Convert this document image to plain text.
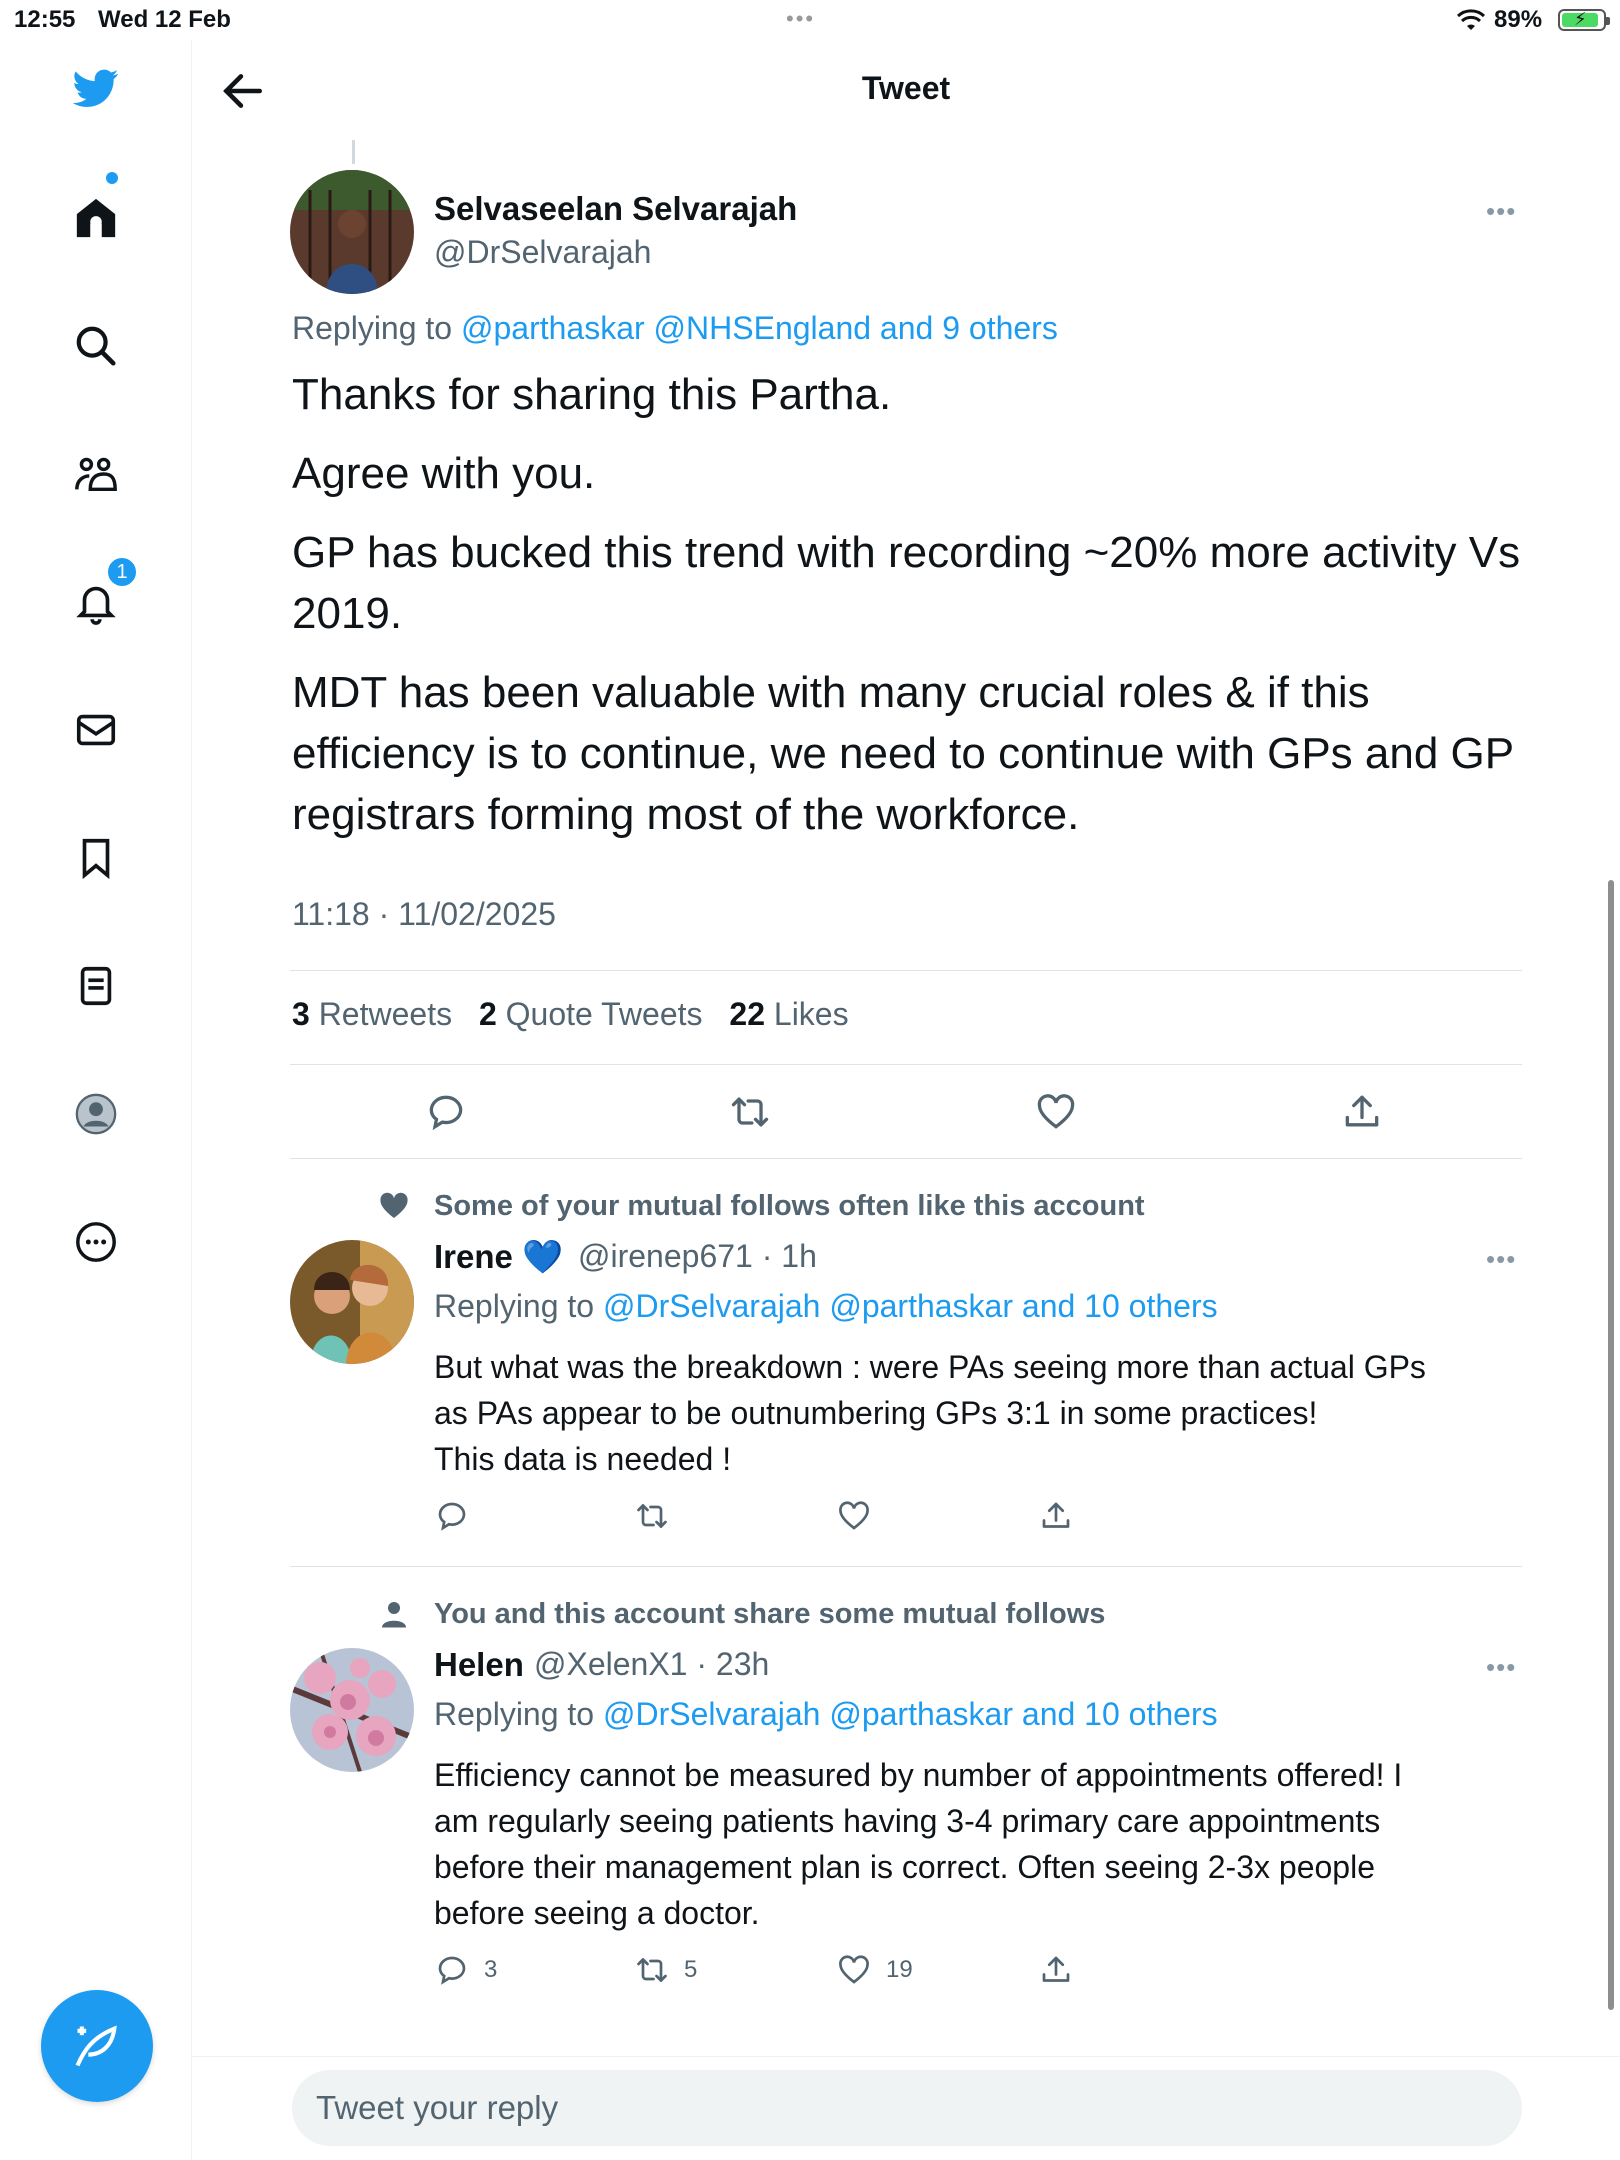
12:55 Wed 12 Feb	•••	89% ⚡
1
Tweet
Selvaseelan Selvarajah
@DrSelvarajah
•••
Replying to @parthaskar @NHSEngland and 9 others

Thanks for sharing this Partha.

Agree with you.

GP has bucked this trend with recording ~20% more activity Vs 2019.

MDT has been valuable with many crucial roles & if this efficiency is to continue, we need to continue with GPs and GP registrars forming most of the workforce.

11:18 · 11/02/2025
3 Retweets 2 Quote Tweets 22 Likes
Some of your mutual follows often like this account
Irene 💙 @irenep671 · 1h	•••
Replying to @DrSelvarajah @parthaskar and 10 others
But what was the breakdown : were PAs seeing more than actual GPs
as PAs appear to be outnumbering GPs 3:1 in some practices!
This data is needed !
You and this account share some mutual follows
Helen @XelenX1 · 23h	•••
Replying to @DrSelvarajah @parthaskar and 10 others
Efficiency cannot be measured by number of appointments offered! I
am regularly seeing patients having 3-4 primary care appointments
before their management plan is correct. Often seeing 2-3x people
before seeing a doctor.
3	5	19
Tweet your reply
